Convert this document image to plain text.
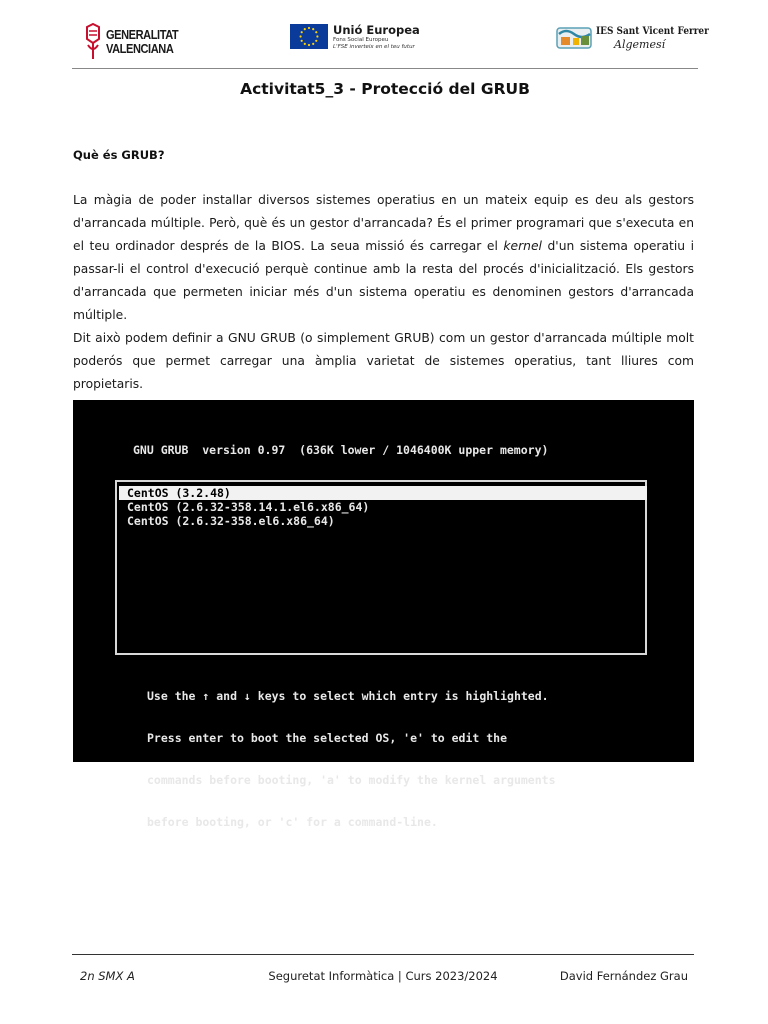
GENERALITAT
VALENCIANA
Unió Europea
Fons Social Europeu
L'FSE inverteix en el teu futur
IES Sant Vicent Ferrer
Algemesí
Activitat5_3 - Protecció del GRUB
Què és GRUB?

La màgia de poder installar diversos sistemes operatius en un mateix equip es deu als gestors d'arrancada múltiple. Però, què és un gestor d'arrancada? És el primer programari que s'executa en el teu ordinador després de la BIOS. La seua missió és carregar el kernel d'un sistema operatiu i passar-li el control d'execució perquè continue amb la resta del procés d'inicialització. Els gestors d'arrancada que permeten iniciar més d'un sistema operatiu es denominen gestors d'arrancada múltiple.

Dit això podem definir a GNU GRUB (o simplement GRUB) com un gestor d'arrancada múltiple molt poderós que permet carregar una àmplia varietat de sistemes operatius, tant lliures com propietaris.

GNU GRUB  version 0.97  (636K lower / 1046400K upper memory)
CentOS (3.2.48)
CentOS (2.6.32-358.14.1.el6.x86_64)
CentOS (2.6.32-358.el6.x86_64)

Use the ↑ and ↓ keys to select which entry is highlighted.

Press enter to boot the selected OS, 'e' to edit the

commands before booting, 'a' to modify the kernel arguments

before booting, or 'c' for a command-line.

2n SMX A	Seguretat Informàtica | Curs 2023/2024	David Fernández Grau
